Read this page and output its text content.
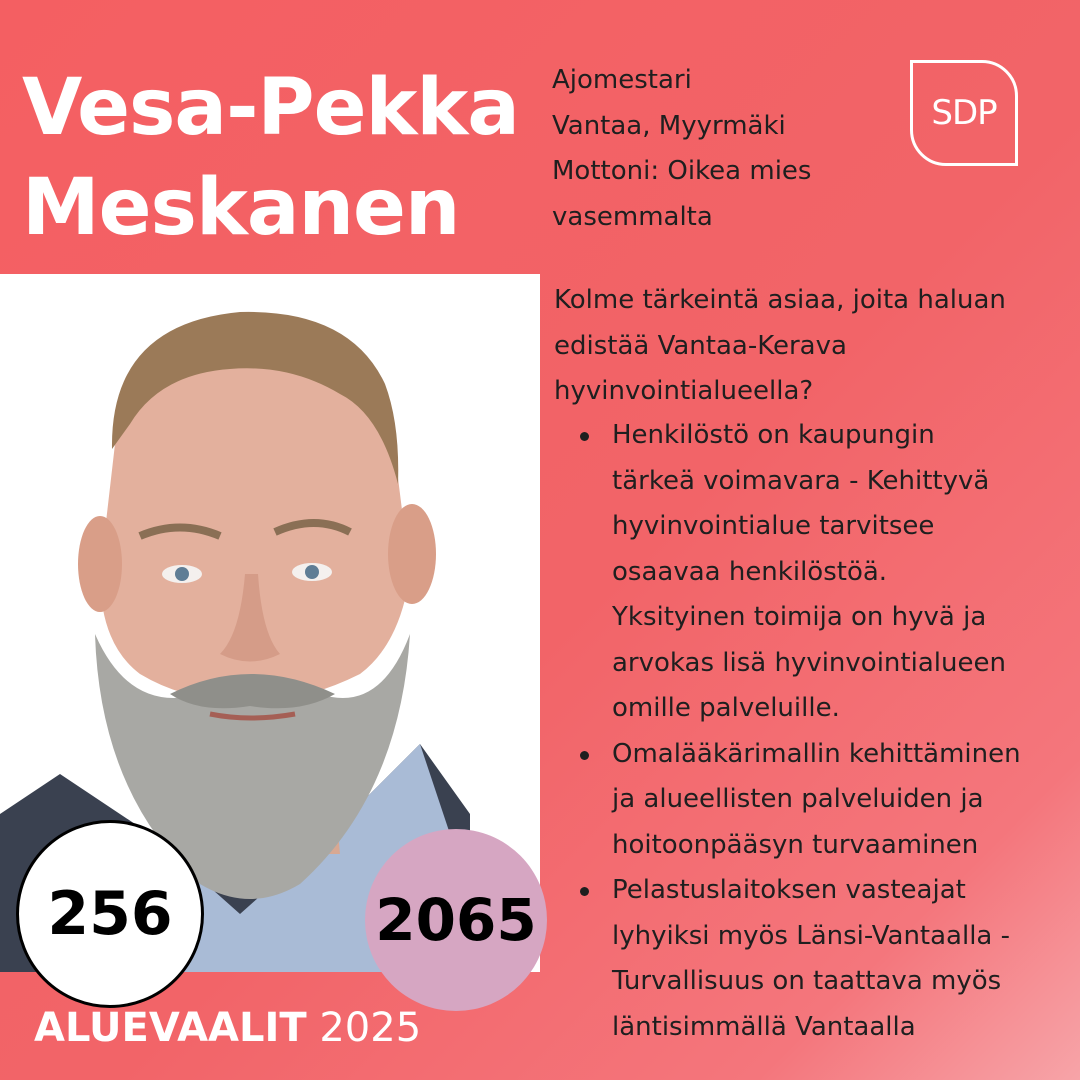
Vesa-Pekka
Meskanen
Ajomestari
Vantaa, Myyrmäki
Mottoni: Oikea mies
vasemmalta
SDP
Kolme tärkeintä asiaa, joita haluan
edistää Vantaa-Kerava
hyvinvointialueella?
Henkilöstö on kaupungin
tärkeä voimavara - Kehittyvä
hyvinvointialue tarvitsee
osaavaa henkilöstöä.
Yksityinen toimija on hyvä ja
arvokas lisä hyvinvointialueen
omille palveluille.
Omalääkärimallin kehittäminen
ja alueellisten palveluiden ja
hoitoonpääsyn turvaaminen
Pelastuslaitoksen vasteajat
lyhyiksi myös Länsi-Vantaalla -
Turvallisuus on taattava myös
läntisimmällä Vantaalla
256	2065
ALUEVAALIT 2025
